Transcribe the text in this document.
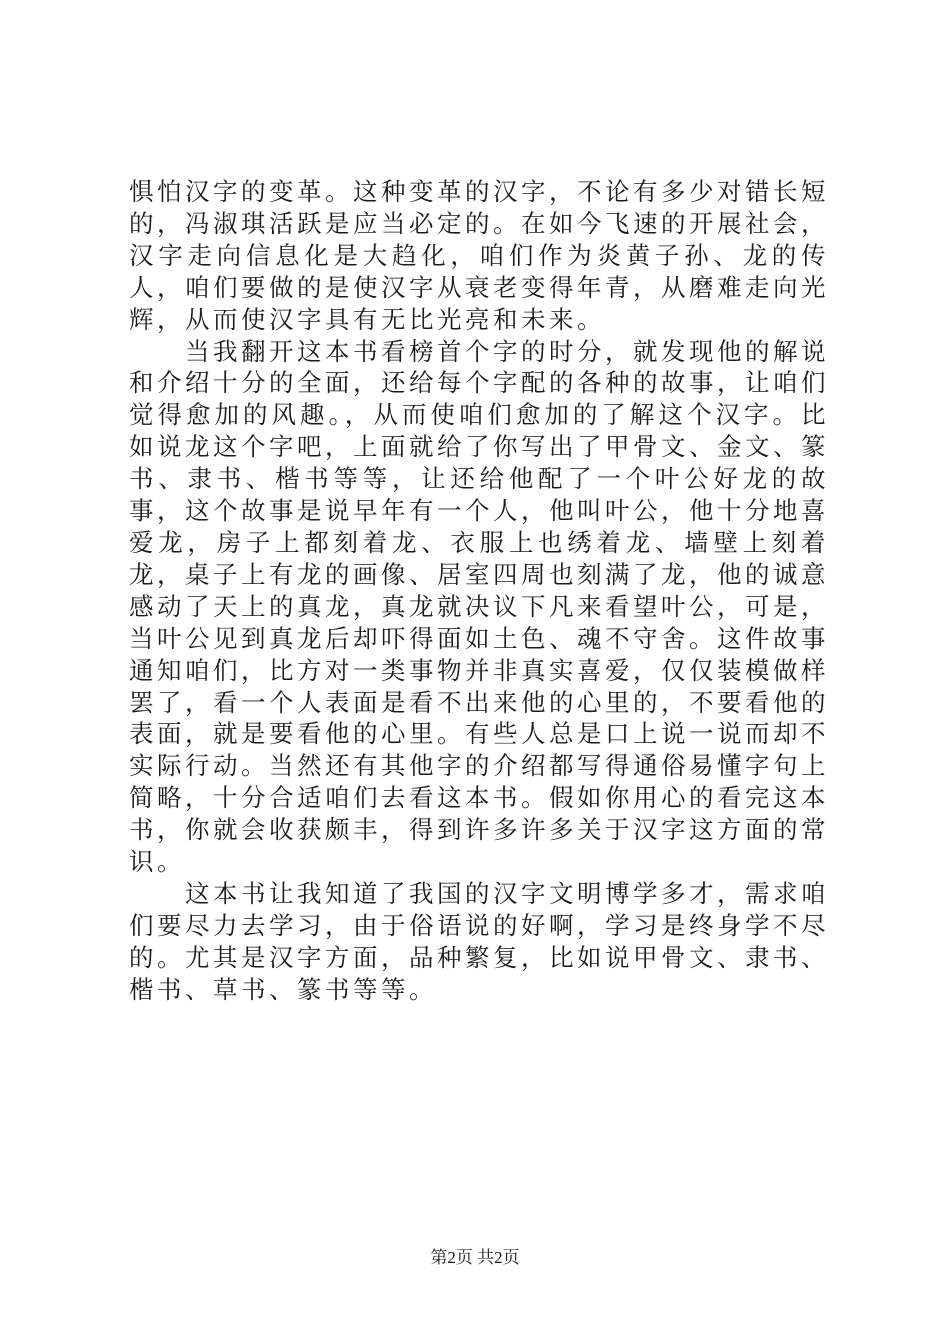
惧怕汉字的变革。这种变革的汉字，不论有多少对错长短的，冯淑琪活跃是应当必定的。在如今飞速的开展社会，汉字走向信息化是大趋化，咱们作为炎黄子孙、龙的传人，咱们要做的是使汉字从衰老变得年青，从磨难走向光辉，从而使汉字具有无比光亮和未来。

当我翻开这本书看榜首个字的时分，就发现他的解说和介绍十分的全面，还给每个字配的各种的故事，让咱们觉得愈加的风趣。，从而使咱们愈加的了解这个汉字。比如说龙这个字吧，上面就给了你写出了甲骨文、金文、篆书、隶书、楷书等等，让还给他配了一个叶公好龙的故事，这个故事是说早年有一个人，他叫叶公，他十分地喜爱龙，房子上都刻着龙、衣服上也绣着龙、墙壁上刻着龙，桌子上有龙的画像、居室四周也刻满了龙，他的诚意感动了天上的真龙，真龙就决议下凡来看望叶公，可是，当叶公见到真龙后却吓得面如土色、魂不守舍。这件故事通知咱们，比方对一类事物并非真实喜爱，仅仅装模做样罢了，看一个人表面是看不出来他的心里的，不要看他的表面，就是要看他的心里。有些人总是口上说一说而却不实际行动。当然还有其他字的介绍都写得通俗易懂字句上简略，十分合适咱们去看这本书。假如你用心的看完这本书，你就会收获颇丰，得到许多许多关于汉字这方面的常识。

这本书让我知道了我国的汉字文明博学多才，需求咱们要尽力去学习，由于俗语说的好啊，学习是终身学不尽的。尤其是汉字方面，品种繁复，比如说甲骨文、隶书、楷书、草书、篆书等等。

第2页 共2页
